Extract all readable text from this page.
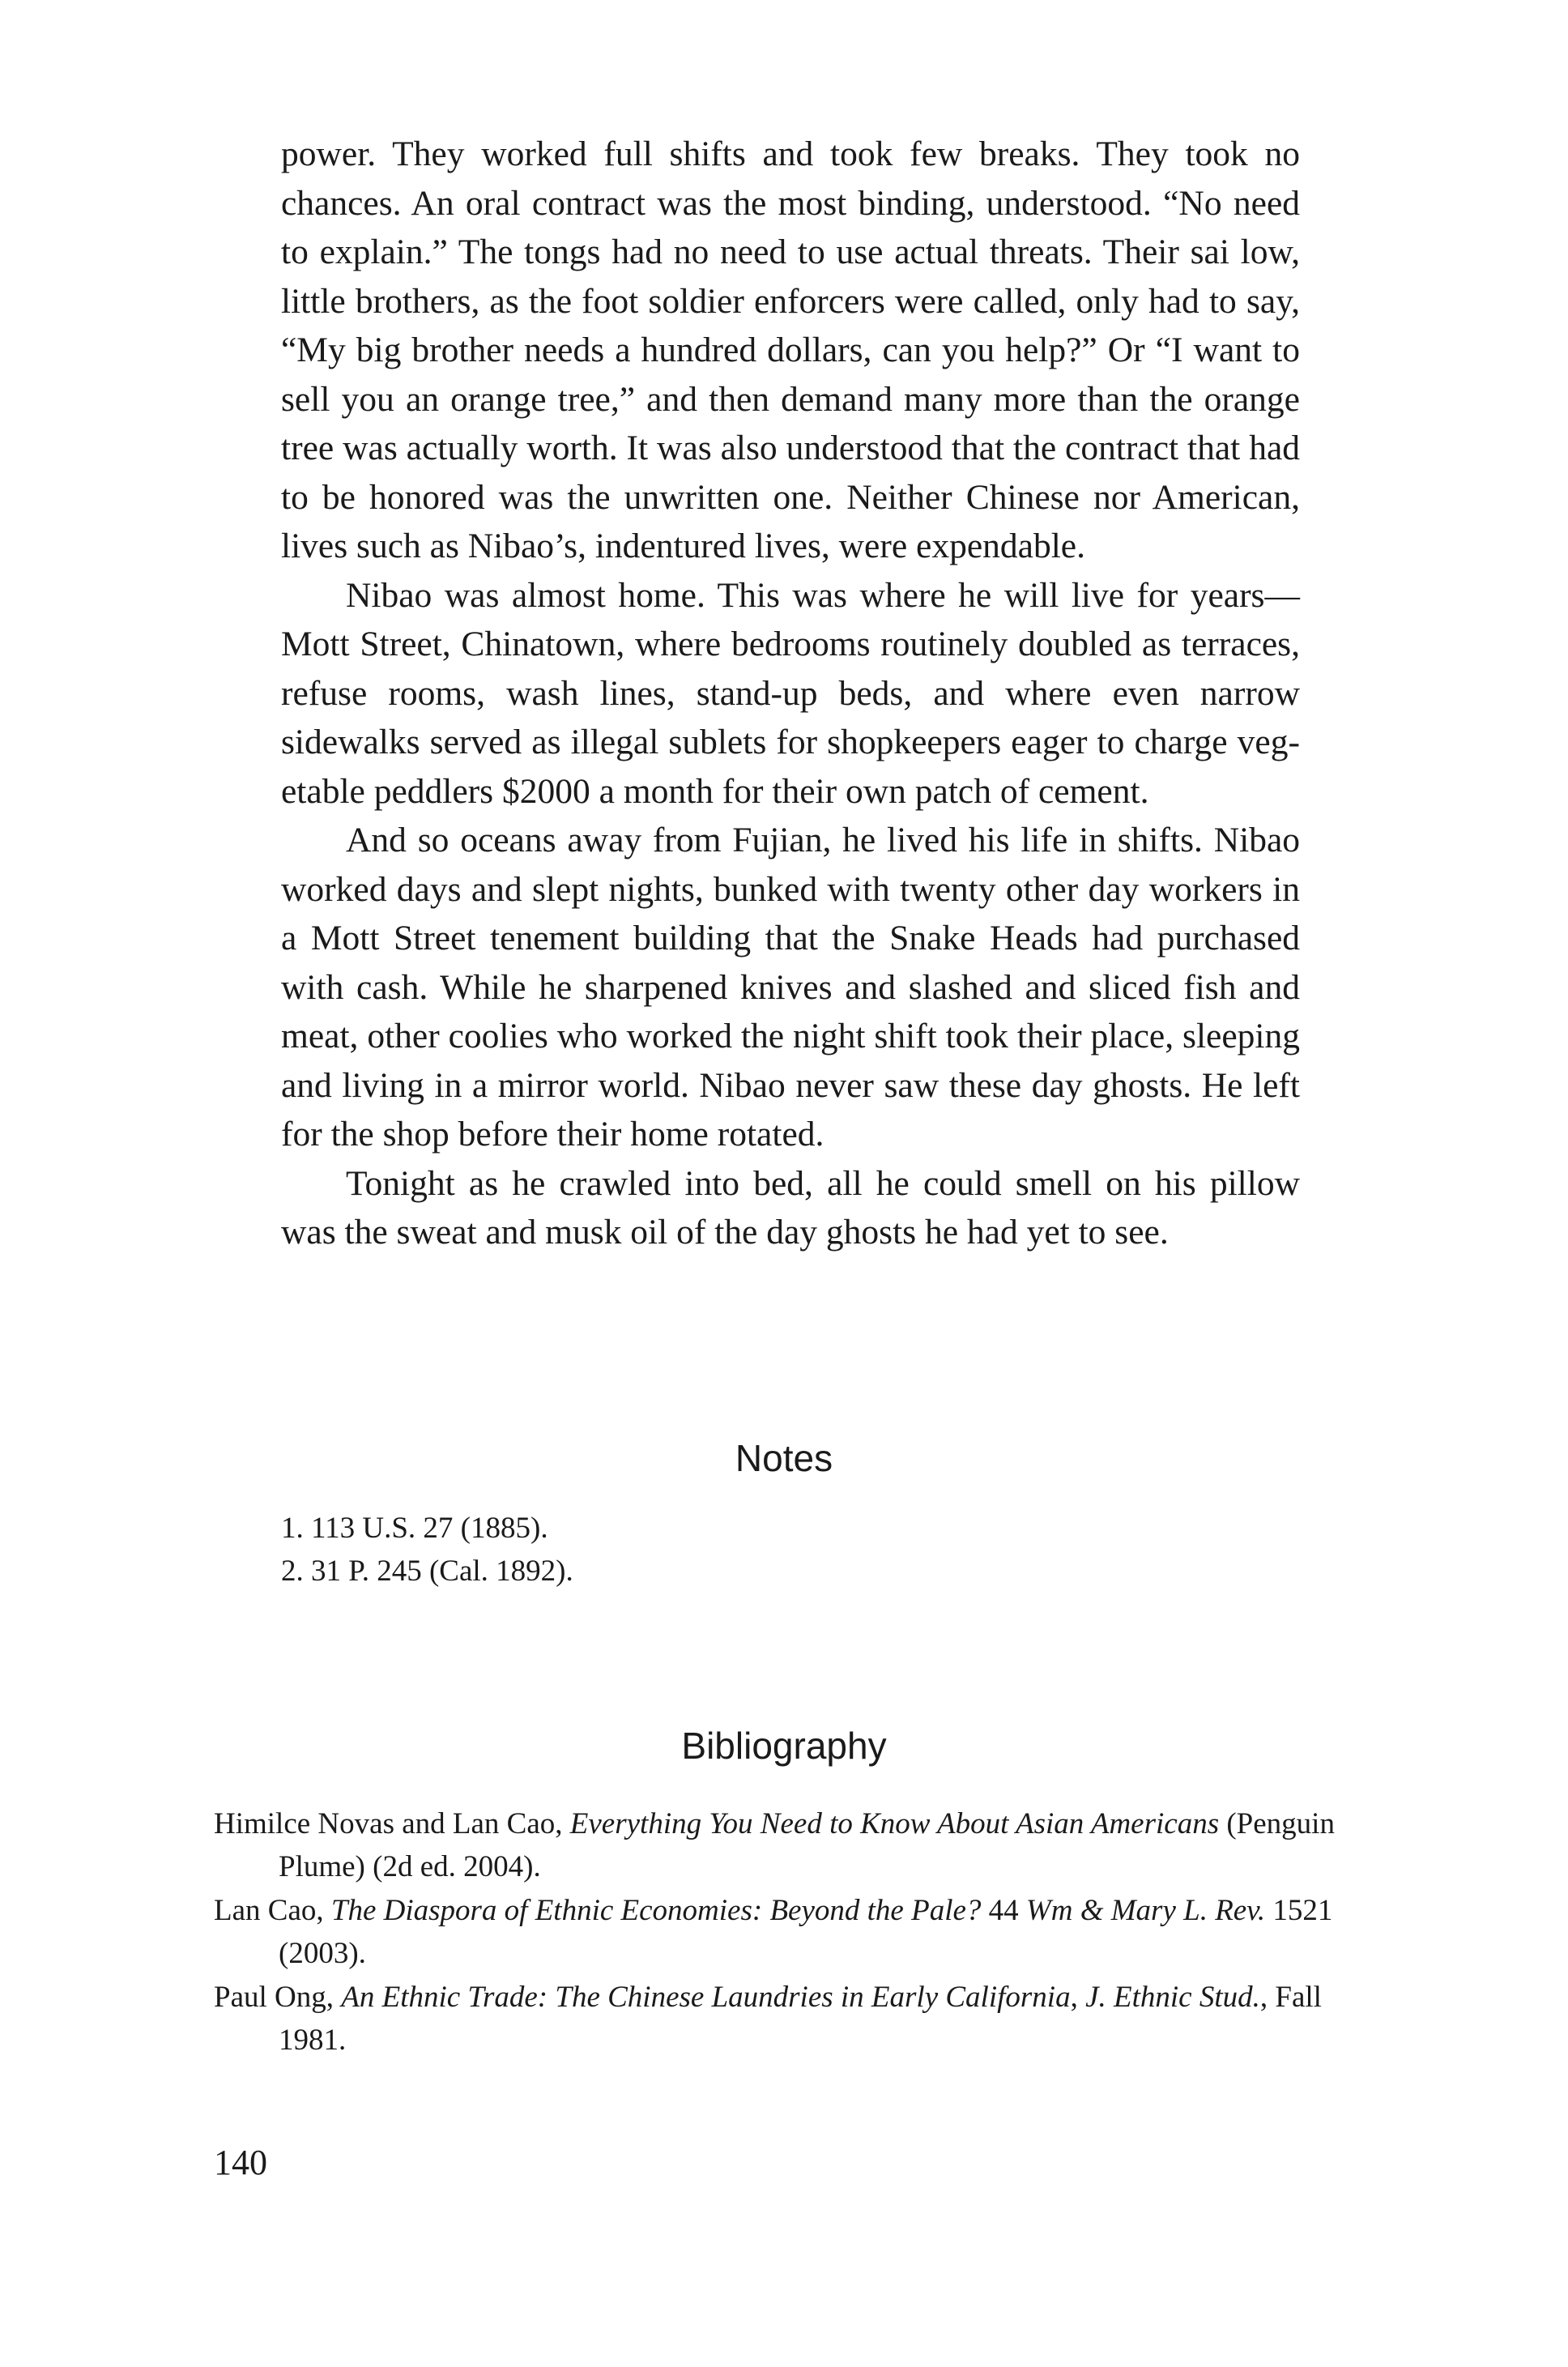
power. They worked full shifts and took few breaks. They took no chances. An oral contract was the most binding, understood. “No need to explain.” The tongs had no need to use actual threats. Their sai low, little brothers, as the foot soldier enforcers were called, only had to say, “My big brother needs a hundred dollars, can you help?” Or “I want to sell you an orange tree,” and then demand many more than the orange tree was actually worth. It was also understood that the contract that had to be honored was the unwritten one. Neither Chinese nor American, lives such as Nibao’s, indentured lives, were expendable.

Nibao was almost home. This was where he will live for years—Mott Street, Chinatown, where bedrooms routinely doubled as terraces, refuse rooms, wash lines, stand-up beds, and where even narrow sidewalks served as illegal sublets for shopkeepers eager to charge vegetable peddlers $2000 a month for their own patch of cement.

And so oceans away from Fujian, he lived his life in shifts. Nibao worked days and slept nights, bunked with twenty other day workers in a Mott Street tenement building that the Snake Heads had purchased with cash. While he sharpened knives and slashed and sliced fish and meat, other coolies who worked the night shift took their place, sleeping and living in a mirror world. Nibao never saw these day ghosts. He left for the shop before their home rotated.

Tonight as he crawled into bed, all he could smell on his pillow was the sweat and musk oil of the day ghosts he had yet to see.

Notes
1. 113 U.S. 27 (1885).
2. 31 P. 245 (Cal. 1892).
Bibliography
Himilce Novas and Lan Cao, Everything You Need to Know About Asian Americans (Penguin Plume) (2d ed. 2004).
Lan Cao, The Diaspora of Ethnic Economies: Beyond the Pale? 44 Wm & Mary L. Rev. 1521 (2003).
Paul Ong, An Ethnic Trade: The Chinese Laundries in Early California, J. Ethnic Stud., Fall 1981.

140
